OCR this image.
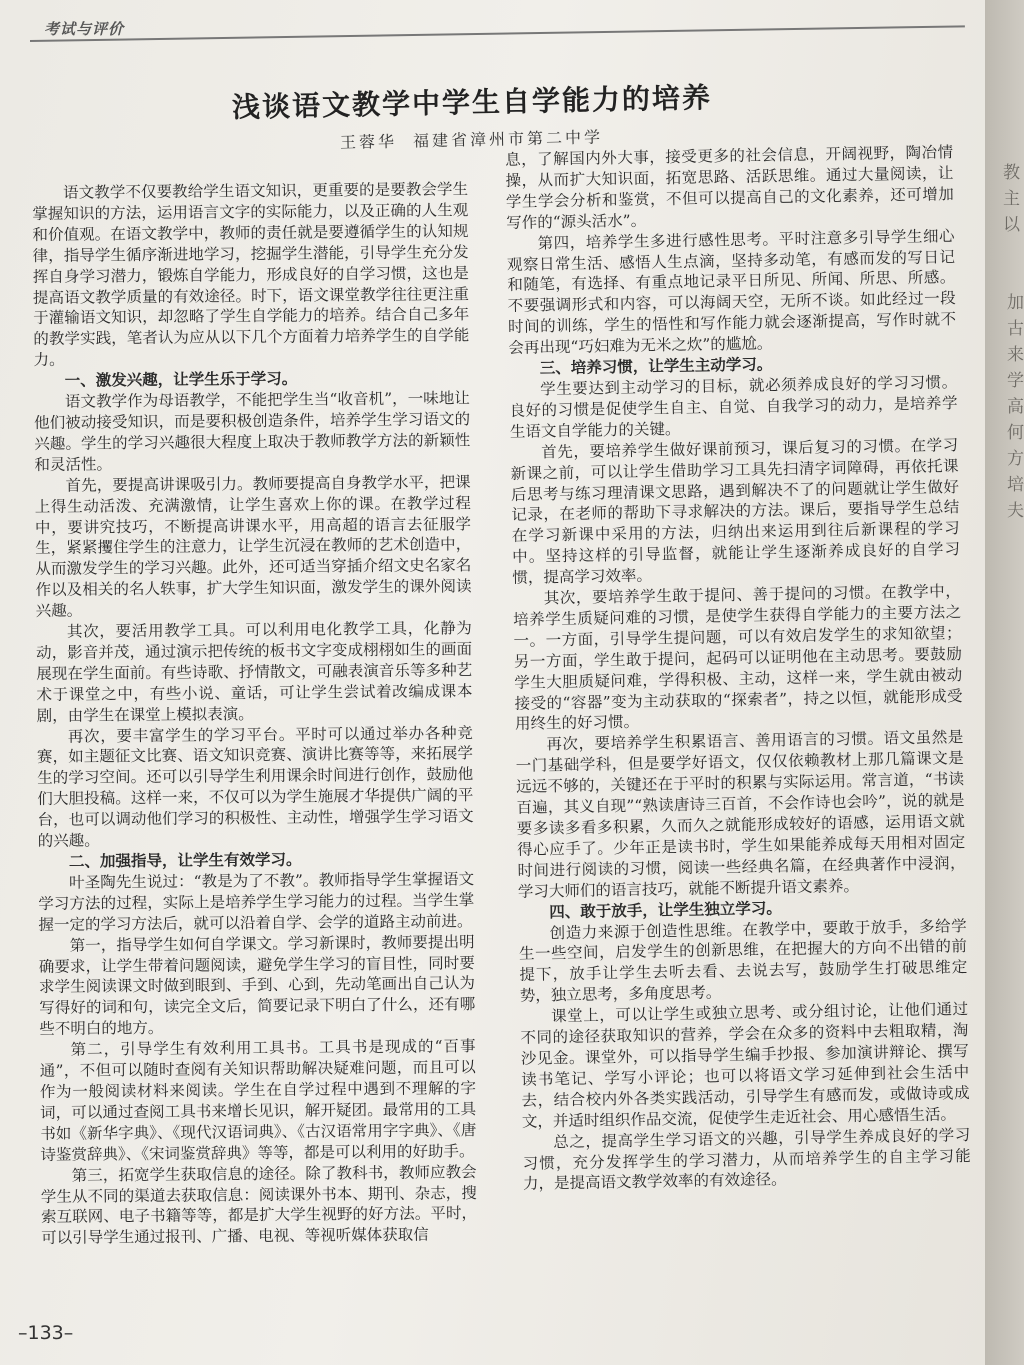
考试与评价
浅谈语文教学中学生自学能力的培养
王蓉华 福建省漳州市第二中学

语文教学不仅要教给学生语文知识，更重要的是要教会学生掌握知识的方法，运用语言文字的实际能力，以及正确的人生观和价值观。在语文教学中，教师的责任就是要遵循学生的认知规律，指导学生循序渐进地学习，挖掘学生潜能，引导学生充分发挥自身学习潜力，锻炼自学能力，形成良好的自学习惯，这也是提高语文教学质量的有效途径。时下，语文课堂教学往往更注重于灌输语文知识，却忽略了学生自学能力的培养。结合自己多年的教学实践，笔者认为应从以下几个方面着力培养学生的自学能力。

一、激发兴趣，让学生乐于学习。

语文教学作为母语教学，不能把学生当“收音机”，一味地让他们被动接受知识，而是要积极创造条件，培养学生学习语文的兴趣。学生的学习兴趣很大程度上取决于教师教学方法的新颖性和灵活性。

首先，要提高讲课吸引力。教师要提高自身教学水平，把课上得生动活泼、充满激情，让学生喜欢上你的课。在教学过程中，要讲究技巧，不断提高讲课水平，用高超的语言去征服学生，紧紧攫住学生的注意力，让学生沉浸在教师的艺术创造中，从而激发学生的学习兴趣。此外，还可适当穿插介绍文史名家名作以及相关的名人轶事，扩大学生知识面，激发学生的课外阅读兴趣。

其次，要活用教学工具。可以利用电化教学工具，化静为动，影音并茂，通过演示把传统的板书文字变成栩栩如生的画面展现在学生面前。有些诗歌、抒情散文，可融表演音乐等多种艺术于课堂之中，有些小说、童话，可让学生尝试着改编成课本剧，由学生在课堂上模拟表演。

再次，要丰富学生的学习平台。平时可以通过举办各种竞赛，如主题征文比赛、语文知识竞赛、演讲比赛等等，来拓展学生的学习空间。还可以引导学生利用课余时间进行创作，鼓励他们大胆投稿。这样一来，不仅可以为学生施展才华提供广阔的平台，也可以调动他们学习的积极性、主动性，增强学生学习语文的兴趣。

二、加强指导，让学生有效学习。

叶圣陶先生说过：“教是为了不教”。教师指导学生掌握语文学习方法的过程，实际上是培养学生学习能力的过程。当学生掌握一定的学习方法后，就可以沿着自学、会学的道路主动前进。

第一，指导学生如何自学课文。学习新课时，教师要提出明确要求，让学生带着问题阅读，避免学生学习的盲目性，同时要求学生阅读课文时做到眼到、手到、心到，先动笔画出自己认为写得好的词和句，读完全文后，简要记录下明白了什么，还有哪些不明白的地方。

第二，引导学生有效利用工具书。工具书是现成的“百事通”，不但可以随时查阅有关知识帮助解决疑难问题，而且可以作为一般阅读材料来阅读。学生在自学过程中遇到不理解的字词，可以通过查阅工具书来增长见识，解开疑团。最常用的工具书如《新华字典》、《现代汉语词典》、《古汉语常用字字典》、《唐诗鉴赏辞典》、《宋词鉴赏辞典》等等，都是可以利用的好助手。

第三，拓宽学生获取信息的途径。除了教科书，教师应教会学生从不同的渠道去获取信息：阅读课外书本、期刊、杂志，搜索互联网、电子书籍等等，都是扩大学生视野的好方法。平时，可以引导学生通过报刊、广播、电视、等视听媒体获取信

息，了解国内外大事，接受更多的社会信息，开阔视野，陶冶情操，从而扩大知识面，拓宽思路、活跃思维。通过大量阅读，让学生学会分析和鉴赏，不但可以提高自己的文化素养，还可增加写作的“源头活水”。

第四，培养学生多进行感性思考。平时注意多引导学生细心观察日常生活、感悟人生点滴，坚持多动笔，有感而发的写日记和随笔，有选择、有重点地记录平日所见、所闻、所思、所感。不要强调形式和内容，可以海阔天空，无所不谈。如此经过一段时间的训练，学生的悟性和写作能力就会逐渐提高，写作时就不会再出现“巧妇难为无米之炊”的尴尬。

三、培养习惯，让学生主动学习。

学生要达到主动学习的目标，就必须养成良好的学习习惯。良好的习惯是促使学生自主、自觉、自我学习的动力，是培养学生语文自学能力的关键。

首先，要培养学生做好课前预习，课后复习的习惯。在学习新课之前，可以让学生借助学习工具先扫清字词障碍，再依托课后思考与练习理清课文思路，遇到解决不了的问题就让学生做好记录，在老师的帮助下寻求解决的方法。课后，要指导学生总结在学习新课中采用的方法，归纳出来运用到往后新课程的学习中。坚持这样的引导监督，就能让学生逐渐养成良好的自学习惯，提高学习效率。

其次，要培养学生敢于提问、善于提问的习惯。在教学中，培养学生质疑问难的习惯，是使学生获得自学能力的主要方法之一。一方面，引导学生提问题，可以有效启发学生的求知欲望；另一方面，学生敢于提问，起码可以证明他在主动思考。要鼓励学生大胆质疑问难，学得积极、主动，这样一来，学生就由被动接受的“容器”变为主动获取的“探索者”，持之以恒，就能形成受用终生的好习惯。

再次，要培养学生积累语言、善用语言的习惯。语文虽然是一门基础学科，但是要学好语文，仅仅依赖教材上那几篇课文是远远不够的，关键还在于平时的积累与实际运用。常言道，“书读百遍，其义自现”“熟读唐诗三百首，不会作诗也会吟”，说的就是要多读多看多积累，久而久之就能形成较好的语感，运用语文就得心应手了。少年正是读书时，学生如果能养成每天用相对固定时间进行阅读的习惯，阅读一些经典名篇，在经典著作中浸润，学习大师们的语言技巧，就能不断提升语文素养。

四、敢于放手，让学生独立学习。

创造力来源于创造性思维。在教学中，要敢于放手，多给学生一些空间，启发学生的创新思维，在把握大的方向不出错的前提下，放手让学生去听去看、去说去写，鼓励学生打破思维定势，独立思考，多角度思考。

课堂上，可以让学生或独立思考、或分组讨论，让他们通过不同的途径获取知识的营养，学会在众多的资料中去粗取精，淘沙见金。课堂外，可以指导学生编手抄报、参加演讲辩论、撰写读书笔记、学写小评论；也可以将语文学习延伸到社会生活中去，结合校内外各类实践活动，引导学生有感而发，或做诗或成文，并适时组织作品交流，促使学生走近社会、用心感悟生活。

总之，提高学生学习语文的兴趣，引导学生养成良好的学习习惯，充分发挥学生的学习潜力，从而培养学生的自主学习能力，是提高语文教学效率的有效途径。

–133–
教
主
以
加
古
来
学
高
何
方
培
夫
